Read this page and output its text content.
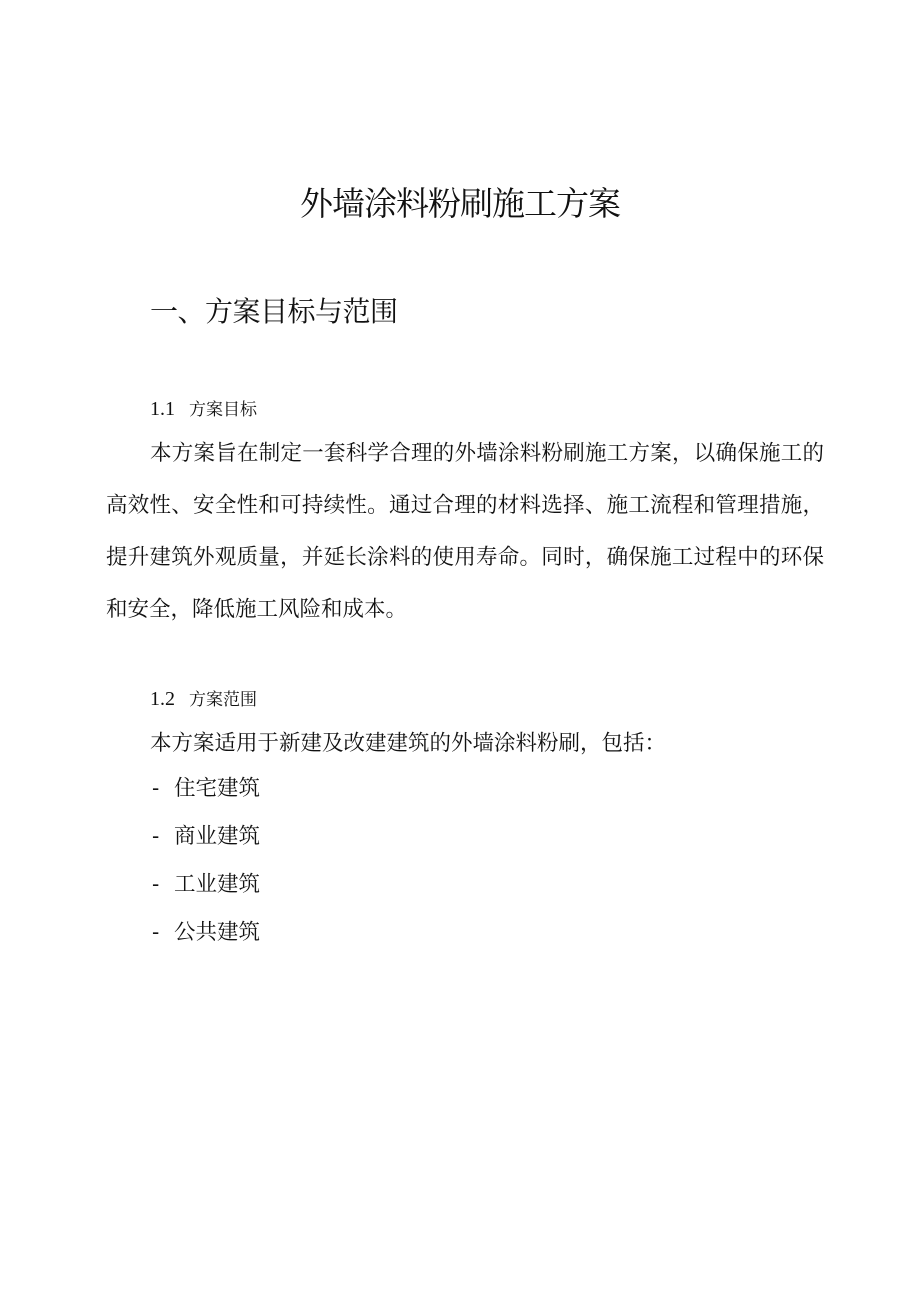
外墙涂料粉刷施工方案
一、方案目标与范围
1.1 方案目标

本方案旨在制定一套科学合理的外墙涂料粉刷施工方案，以确保施工的高效性、安全性和可持续性。通过合理的材料选择、施工流程和管理措施，提升建筑外观质量，并延长涂料的使用寿命。同时，确保施工过程中的环保和安全，降低施工风险和成本。

1.2 方案范围

本方案适用于新建及改建建筑的外墙涂料粉刷，包括：

- 住宅建筑
- 商业建筑
- 工业建筑
- 公共建筑
